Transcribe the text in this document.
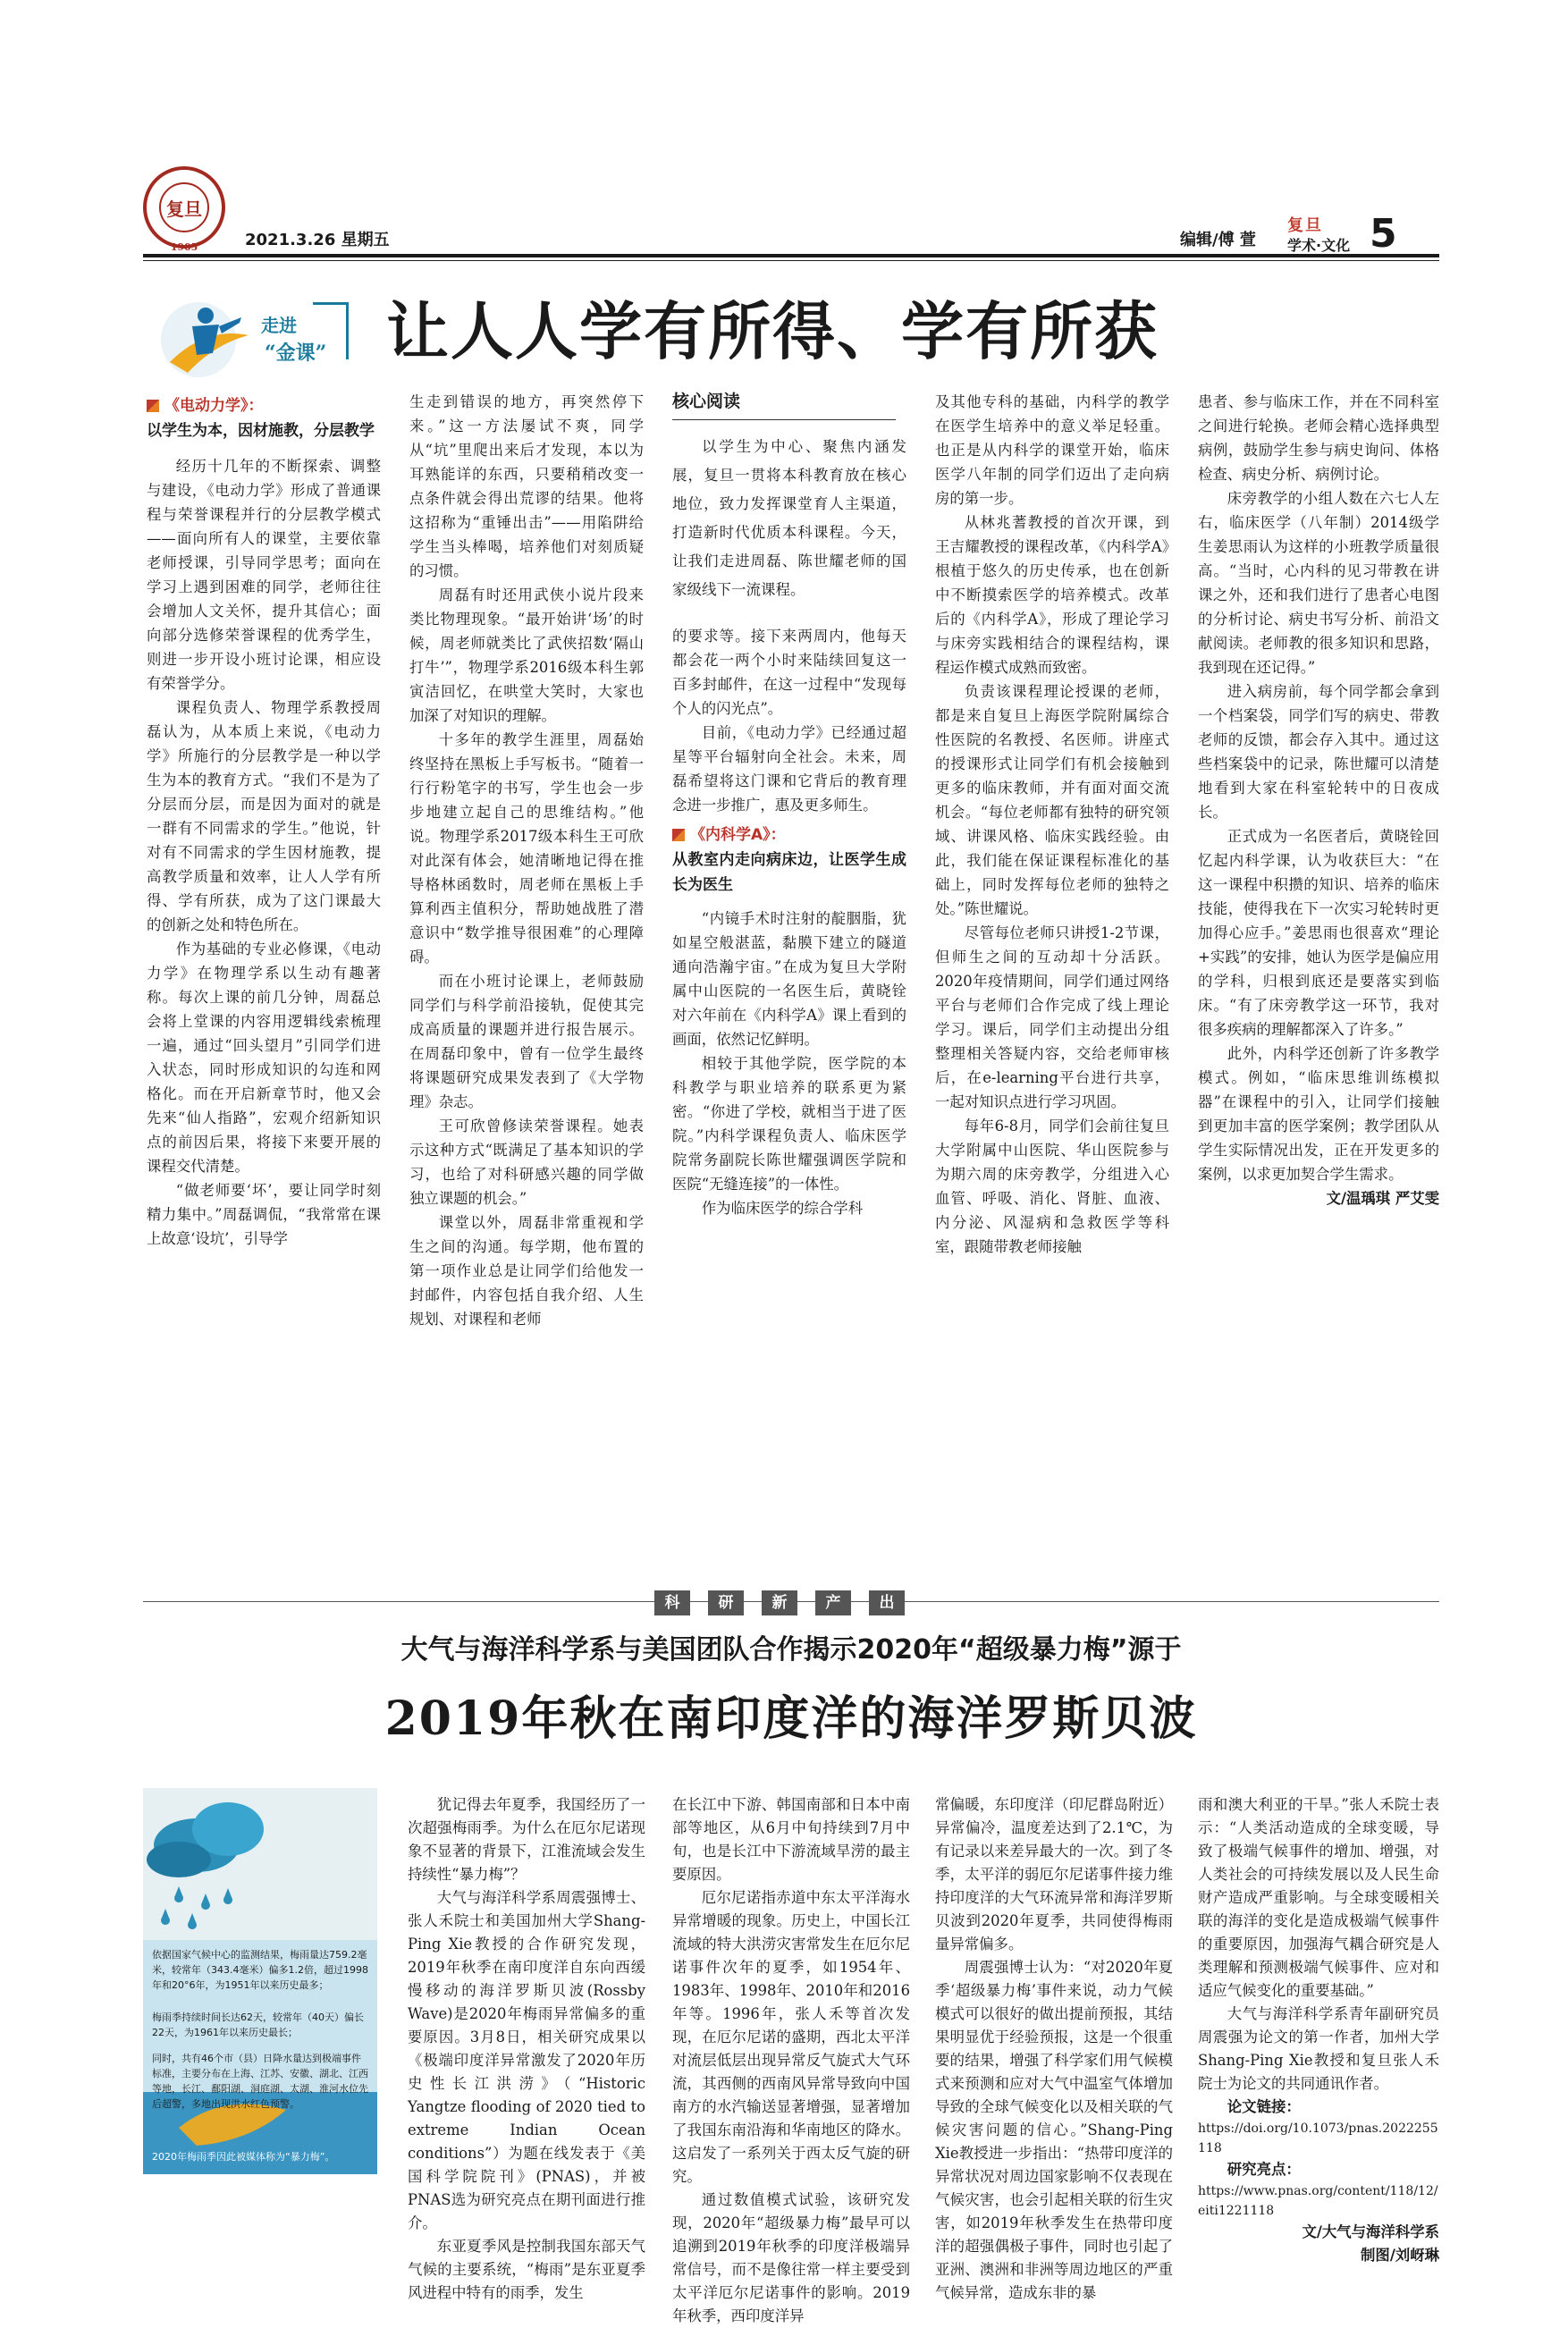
复旦
1905	2021.3.26 星期五	编辑/傅 萱
复旦
学术·文化 5
走进
“金课” 让人人学有所得、学有所获
《电动力学》：
以学生为本，因材施教，分层教学

经历十几年的不断探索、调整与建设，《电动力学》形成了普通课程与荣誉课程并行的分层教学模式——面向所有人的课堂，主要依靠老师授课，引导同学思考；面向在学习上遇到困难的同学，老师往往会增加人文关怀，提升其信心；面向部分选修荣誉课程的优秀学生，则进一步开设小班讨论课，相应设有荣誉学分。

课程负责人、物理学系教授周磊认为，从本质上来说，《电动力学》所施行的分层教学是一种以学生为本的教育方式。“我们不是为了分层而分层，而是因为面对的就是一群有不同需求的学生。”他说，针对有不同需求的学生因材施教，提高教学质量和效率，让人人学有所得、学有所获，成为了这门课最大的创新之处和特色所在。

作为基础的专业必修课，《电动力学》在物理学系以生动有趣著称。每次上课的前几分钟，周磊总会将上堂课的内容用逻辑线索梳理一遍，通过“回头望月”引同学们进入状态，同时形成知识的勾连和网格化。而在开启新章节时，他又会先来“仙人指路”，宏观介绍新知识点的前因后果，将接下来要开展的课程交代清楚。

“做老师要‘坏’，要让同学时刻精力集中。”周磊调侃，“我常常在课上故意‘设坑’，引导学

生走到错误的地方，再突然停下来。”这一方法屡试不爽，同学从“坑”里爬出来后才发现，本以为耳熟能详的东西，只要稍稍改变一点条件就会得出荒谬的结果。他将这招称为“重锤出击”——用陷阱给学生当头棒喝，培养他们对刻质疑的习惯。

周磊有时还用武侠小说片段来类比物理现象。“最开始讲‘场’的时候，周老师就类比了武侠招数‘隔山打牛’”，物理学系2016级本科生郭寅洁回忆，在哄堂大笑时，大家也加深了对知识的理解。

十多年的教学生涯里，周磊始终坚持在黑板上手写板书。“随着一行行粉笔字的书写，学生也会一步步地建立起自己的思维结构。”他说。物理学系2017级本科生王可欣对此深有体会，她清晰地记得在推导格林函数时，周老师在黑板上手算利西主值积分，帮助她战胜了潜意识中“数学推导很困难”的心理障碍。

而在小班讨论课上，老师鼓励同学们与科学前沿接轨，促使其完成高质量的课题并进行报告展示。在周磊印象中，曾有一位学生最终将课题研究成果发表到了《大学物理》杂志。

王可欣曾修读荣誉课程。她表示这种方式“既满足了基本知识的学习，也给了对科研感兴趣的同学做独立课题的机会。”

课堂以外，周磊非常重视和学生之间的沟通。每学期，他布置的第一项作业总是让同学们给他发一封邮件，内容包括自我介绍、人生规划、对课程和老师

核心阅读
以学生为中心、聚焦内涵发展，复旦一贯将本科教育放在核心地位，致力发挥课堂育人主渠道，打造新时代优质本科课程。今天，让我们走进周磊、陈世耀老师的国家级线下一流课程。

的要求等。接下来两周内，他每天都会花一两个小时来陆续回复这一百多封邮件，在这一过程中“发现每个人的闪光点”。

目前，《电动力学》已经通过超星等平台辐射向全社会。未来，周磊希望将这门课和它背后的教育理念进一步推广，惠及更多师生。

《内科学A》：
从教室内走向病床边，让医学生成长为医生

“内镜手术时注射的靛胭脂，犹如星空般湛蓝，黏膜下建立的隧道通向浩瀚宇宙。”在成为复旦大学附属中山医院的一名医生后，黄晓铨对六年前在《内科学A》课上看到的画面，依然记忆鲜明。

相较于其他学院，医学院的本科教学与职业培养的联系更为紧密。“你进了学校，就相当于进了医院。”内科学课程负责人、临床医学院常务副院长陈世耀强调医学院和医院“无缝连接”的一体性。

作为临床医学的综合学科

及其他专科的基础，内科学的教学在医学生培养中的意义举足轻重。也正是从内科学的课堂开始，临床医学八年制的同学们迈出了走向病房的第一步。

从林兆蓍教授的首次开课，到王吉耀教授的课程改革，《内科学A》根植于悠久的历史传承，也在创新中不断摸索医学的培养模式。改革后的《内科学A》，形成了理论学习与床旁实践相结合的课程结构，课程运作模式成熟而致密。

负责该课程理论授课的老师，都是来自复旦上海医学院附属综合性医院的名教授、名医师。讲座式的授课形式让同学们有机会接触到更多的临床教师，并有面对面交流机会。“每位老师都有独特的研究领域、讲课风格、临床实践经验。由此，我们能在保证课程标准化的基础上，同时发挥每位老师的独特之处。”陈世耀说。

尽管每位老师只讲授1-2节课，但师生之间的互动却十分活跃。2020年疫情期间，同学们通过网络平台与老师们合作完成了线上理论学习。课后，同学们主动提出分组整理相关答疑内容，交给老师审核后，在e-learning平台进行共享，一起对知识点进行学习巩固。

每年6-8月，同学们会前往复旦大学附属中山医院、华山医院参与为期六周的床旁教学，分组进入心血管、呼吸、消化、肾脏、血液、内分泌、风湿病和急救医学等科室，跟随带教老师接触

患者、参与临床工作，并在不同科室之间进行轮换。老师会精心选择典型病例，鼓励学生参与病史询问、体格检查、病史分析、病例讨论。

床旁教学的小组人数在六七人左右，临床医学（八年制）2014级学生姜思雨认为这样的小班教学质量很高。“当时，心内科的见习带教在讲课之外，还和我们进行了患者心电图的分析讨论、病史书写分析、前沿文献阅读。老师教的很多知识和思路，我到现在还记得。”

进入病房前，每个同学都会拿到一个档案袋，同学们写的病史、带教老师的反馈，都会存入其中。通过这些档案袋中的记录，陈世耀可以清楚地看到大家在科室轮转中的日夜成长。

正式成为一名医者后，黄晓铨回忆起内科学课，认为收获巨大：“在这一课程中积攒的知识、培养的临床技能，使得我在下一次实习轮转时更加得心应手。”姜思雨也很喜欢“理论+实践”的安排，她认为医学是偏应用的学科，归根到底还是要落实到临床。“有了床旁教学这一环节，我对很多疾病的理解都深入了许多。”

此外，内科学还创新了许多教学模式。例如，“临床思维训练模拟器”在课程中的引入，让同学们接触到更加丰富的医学案例；教学团队从学生实际情况出发，正在开发更多的案例，以求更加契合学生需求。

文/温瑀琪 严艾雯
科	研	新	产	出
大气与海洋科学系与美国团队合作揭示2020年“超级暴力梅”源于
2019年秋在南印度洋的海洋罗斯贝波
依据国家气候中心的监测结果，梅雨量达759.2毫米，较常年（343.4毫米）偏多1.2倍，超过1998年和20°6年，为1951年以来历史最多；
梅雨季持续时间长达62天，较常年（40天）偏长22天，为1961年以来历史最长；
同时，共有46个市（县）日降水量达到极端事件标准，主要分布在上海、江苏、安徽、湖北、江西等地，长江、鄱阳湖、洞庭湖、太湖、淮河水位先后超警，多地出现洪水红色预警。
2020年梅雨季因此被媒体称为“暴力梅”。

犹记得去年夏季，我国经历了一次超强梅雨季。为什么在厄尔尼诺现象不显著的背景下，江淮流域会发生持续性“暴力梅”？

大气与海洋科学系周震强博士、张人禾院士和美国加州大学Shang-Ping Xie教授的合作研究发现，2019年秋季在南印度洋自东向西缓慢移动的海洋罗斯贝波(Rossby Wave)是2020年梅雨异常偏多的重要原因。3月8日，相关研究成果以《极端印度洋异常激发了2020年历史性长江洪涝》（“Historic Yangtze flooding of 2020 tied to extreme Indian Ocean conditions”）为题在线发表于《美国科学院院刊》(PNAS)，并被PNAS选为研究亮点在期刊面进行推介。

东亚夏季风是控制我国东部天气气候的主要系统，“梅雨”是东亚夏季风进程中特有的雨季，发生

在长江中下游、韩国南部和日本中南部等地区，从6月中旬持续到7月中旬，也是长江中下游流域旱涝的最主要原因。

厄尔尼诺指赤道中东太平洋海水异常增暖的现象。历史上，中国长江流域的特大洪涝灾害常发生在厄尔尼诺事件次年的夏季，如1954年、1983年、1998年、2010年和2016年等。1996年，张人禾等首次发现，在厄尔尼诺的盛期，西北太平洋对流层低层出现异常反气旋式大气环流，其西侧的西南风异常导致向中国南方的水汽输送显著增强，显著增加了我国东南沿海和华南地区的降水。这启发了一系列关于西太反气旋的研究。

通过数值模式试验，该研究发现，2020年“超级暴力梅”最早可以追溯到2019年秋季的印度洋极端异常信号，而不是像往常一样主要受到太平洋厄尔尼诺事件的影响。2019年秋季，西印度洋异

常偏暖，东印度洋（印尼群岛附近）异常偏冷，温度差达到了2.1℃，为有记录以来差异最大的一次。到了冬季，太平洋的弱厄尔尼诺事件接力维持印度洋的大气环流异常和海洋罗斯贝波到2020年夏季，共同使得梅雨量异常偏多。

周震强博士认为：“对2020年夏季‘超级暴力梅’事件来说，动力气候模式可以很好的做出提前预报，其结果明显优于经验预报，这是一个很重要的结果，增强了科学家们用气候模式来预测和应对大气中温室气体增加导致的全球气候变化以及相关联的气候灾害问题的信心。”Shang-Ping Xie教授进一步指出：“热带印度洋的异常状况对周边国家影响不仅表现在气候灾害，也会引起相关联的衍生灾害，如2019年秋季发生在热带印度洋的超强偶极子事件，同时也引起了亚洲、澳洲和非洲等周边地区的严重气候异常，造成东非的暴

雨和澳大利亚的干旱。”张人禾院士表示：“人类活动造成的全球变暖，导致了极端气候事件的增加、增强，对人类社会的可持续发展以及人民生命财产造成严重影响。与全球变暖相关联的海洋的变化是造成极端气候事件的重要原因，加强海气耦合研究是人类理解和预测极端气候事件、应对和适应气候变化的重要基础。”

大气与海洋科学系青年副研究员周震强为论文的第一作者，加州大学Shang-Ping Xie教授和复旦张人禾院士为论文的共同通讯作者。

论文链接：

https://doi.org/10.1073/pnas.2022255118

研究亮点：

https://www.pnas.org/content/118/12/eiti1221118
文/大气与海洋科学系
制图/刘岈琳
